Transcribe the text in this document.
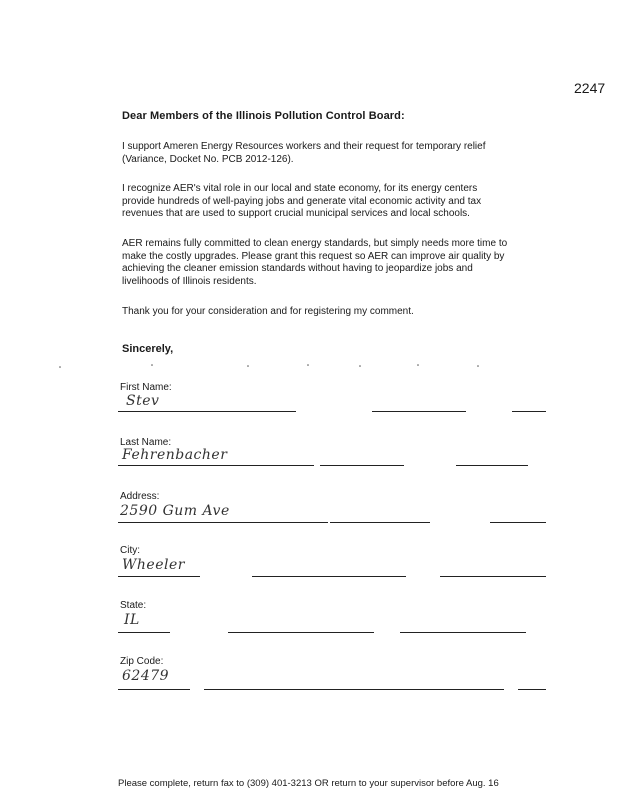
2247
Dear Members of the Illinois Pollution Control Board:
I support Ameren Energy Resources workers and their request for temporary relief
(Variance, Docket No. PCB 2012-126).
I recognize AER's vital role in our local and state economy, for its energy centers
provide hundreds of well-paying jobs and generate vital economic activity and tax
revenues that are used to support crucial municipal services and local schools.
AER remains fully committed to clean energy standards, but simply needs more time to
make the costly upgrades. Please grant this request so AER can improve air quality by
achieving the cleaner emission standards without having to jeopardize jobs and
livelihoods of Illinois residents.
Thank you for your consideration and for registering my comment.
Sincerely,
First Name:
Stev
Last Name:
Fehrenbacher
Address:
2590 Gum Ave
City:
Wheeler
State:
IL
Zip Code:
62479
Please complete, return fax to (309) 401-3213 OR return to your supervisor before Aug. 16
